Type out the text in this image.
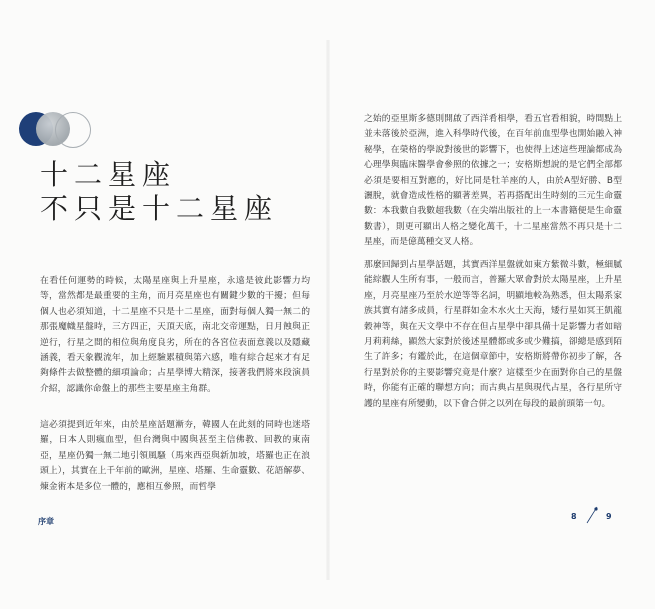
十二星座
不只是十二星座

在看任何運勢的時候，太陽星座與上升星座，永遠是彼此影響力均等，當然都是最重要的主角，而月亮星座也有關鍵少數的干擾；但每個人也必須知道，十二星座不只是十二星座，面對每個人獨一無二的那張魔幟星盤時，三方四正，天頂天底，南北交帝運點，日月蝕與正逆行，行星之間的相位與角度良劣，所在的各宮位表面意義以及隱藏涵義，看天象觀流年，加上經驗累積與第六感，唯有綜合起來才有足夠條件去做整體的細項論命；占星學博大精深，接著我們將來段演員介紹，認識你命盤上的那些主要星座主角群。

這必須提到近年來，由於星座話題漸夯，韓國人在此刻的同時也迷塔羅，日本人則瘋血型，但台灣與中國與甚至主信佛教、回教的東南亞，星座仍獨一無二地引領風騷（馬來西亞與新加坡，塔羅也正在浪頭上），其實在上千年前的歐洲，星座、塔羅、生命靈數、花語解夢、煉金術本是多位一體的，應相互參照，而哲學

序章

之始的亞里斯多德則開啟了西洋肴相學，看五官看相貌，時間點上並未落後於亞洲，進入科學時代後，在百年前血型學也開始融入神秘學，在榮格的學說對後世的影響下，也使得上述這些理論都成為心理學與臨床醫學會參照的依據之一；安格斯想說的是它們全部都必須是要相互對應的，好比同是牡羊座的人，由於A型好勝、B型灑脫，就會造成性格的顯著差異，若再搭配出生時刻的三元生命靈數：本我數自我數超我數（在尖端出版社的上一本書籍便是生命靈數書），則更可顯出人格之變化萬千，十二星座當然不再只是十二星座，而是億萬種交叉人格。

那麼回歸到占星學話題，其實西洋星盤就如東方紫微斗數，極細膩能綜觀人生所有事，一般而言，普羅大眾會對於太陽星座，上升星座，月亮星座乃至於水逆等等名詞，明顯地較為熟悉，但太陽系家族其實有諸多成員，行星群如金木水火土天海，矮行星如冥王凱龍穀神等，與在天文學中不存在但占星學中卻具備十足影響力者如暗月莉莉絲，顯然大家對於後述星體都或多或少難搞，卻總是感到陌生了許多；有鑑於此，在這個章節中，安格斯將帶你初步了解，各行星對於你的主要影響究竟是什麼？這樣至少在面對你自己的星盤時，你能有正確的聯想方向；而古典占星與現代占星，各行星所守護的星座有所變動，以下會合併之以列在每段的最前頭第一句。

8	9
